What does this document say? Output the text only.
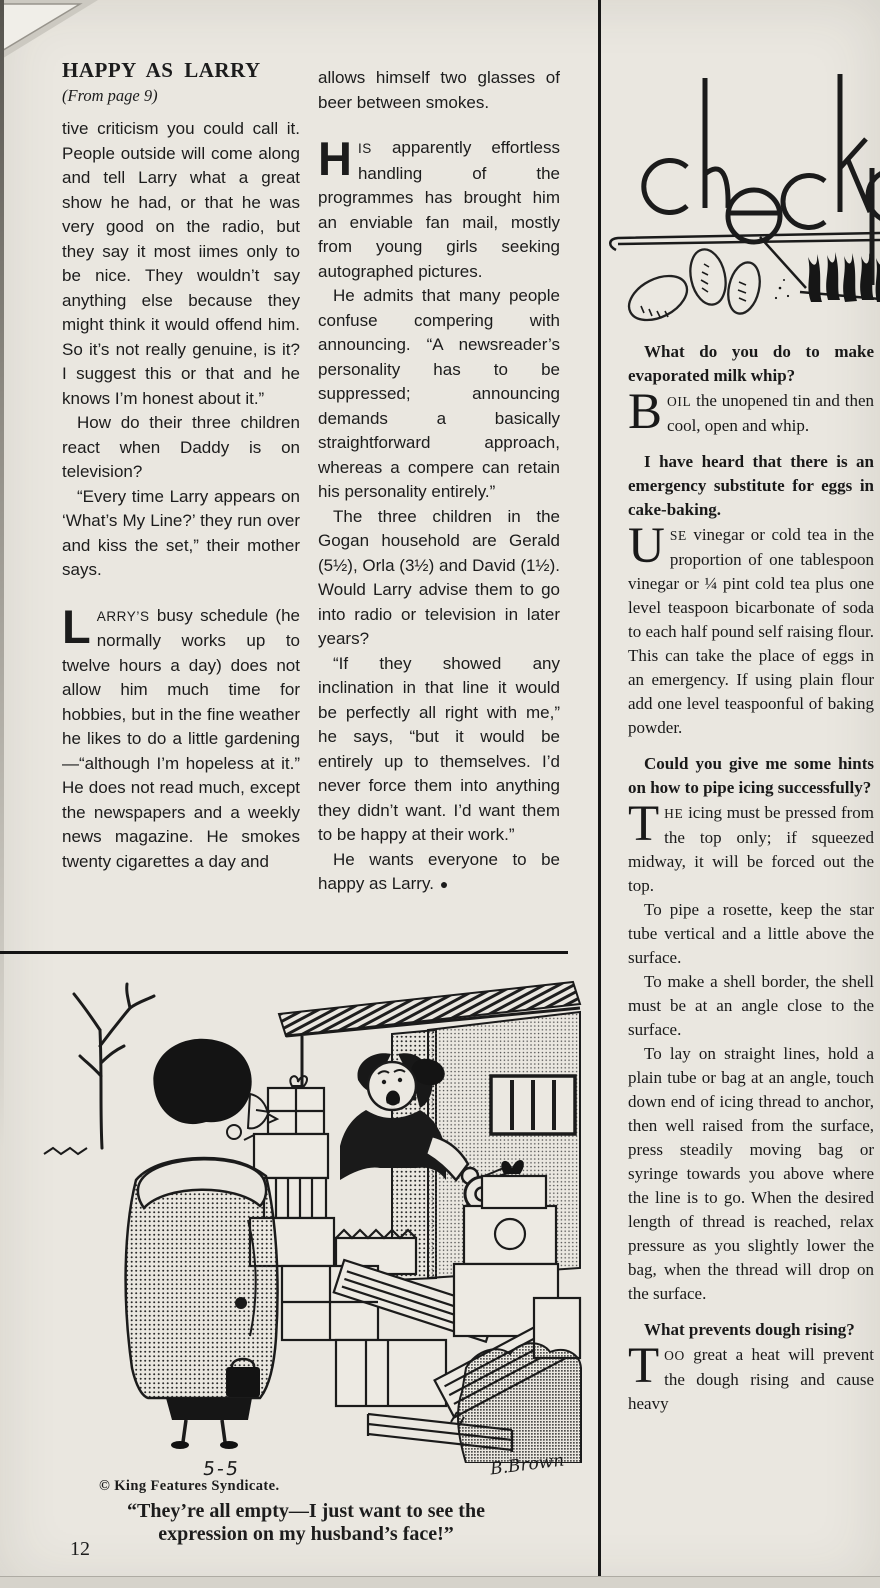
HAPPY AS LARRY

(From page 9)

tive criticism you could call it. People outside will come along and tell Larry what a great show he had, or that he was very good on the radio, but they say it most iimes only to be nice. They wouldn’t say anything else because they might think it would offend him. So it’s not really genuine, is it? I suggest this or that and he knows I’m honest about it.”

How do their three children react when Daddy is on television?

“Every time Larry appears on ‘What’s My Line?’ they run over and kiss the set,” their mother says.

LARRY’S busy schedule (he normally works up to twelve hours a day) does not allow him much time for hobbies, but in the fine weather he likes to do a little gardening—“although I’m hopeless at it.” He does not read much, except the newspapers and a weekly news magazine. He smokes twenty cigarettes a day and

allows himself two glasses of beer between smokes.

HIS apparently effortless handling of the programmes has brought him an enviable fan mail, mostly from young girls seeking autographed pictures.

He admits that many people confuse compering with announcing. “A newsreader’s personality has to be suppressed; announcing demands a basically straightforward approach, whereas a compere can retain his personality entirely.”

The three children in the Gogan household are Gerald (5½), Orla (3½) and David (1½). Would Larry advise them to go into radio or television in later years?

“If they showed any inclination in that line it would be perfectly all right with me,” he says, “but it would be entirely up to themselves. I’d never force them into anything they didn’t want. I’d want them to be happy at their work.”

He wants everyone to be happy as Larry. ●

What do you do to make evaporated milk whip?

BOIL the unopened tin and then cool, open and whip.

I have heard that there is an emergency substitute for eggs in cake-baking.

USE vinegar or cold tea in the proportion of one tablespoon vinegar or ¼ pint cold tea plus one level teaspoon bicarbonate of soda to each half pound self raising flour. This can take the place of eggs in an emergency. If using plain flour add one level teaspoonful of baking powder.

Could you give me some hints on how to pipe icing successfully?

THE icing must be pressed from the top only; if squeezed midway, it will be forced out the top.

To pipe a rosette, keep the star tube vertical and a little above the surface.

To make a shell border, the shell must be at an angle close to the surface.

To lay on straight lines, hold a plain tube or bag at an angle, touch down end of icing thread to anchor, then well raised from the surface, press steadily moving bag or syringe towards you above where the line is to go. When the desired length of thread is reached, relax pressure as you slightly lower the bag, when the thread will drop on the surface.

What prevents dough rising?

TOO great a heat will prevent the dough rising and cause heavy

5-5
© King Features Syndicate.
B.Brown
“They’re all empty—I just want to see the
expression on my husband’s face!”
12
